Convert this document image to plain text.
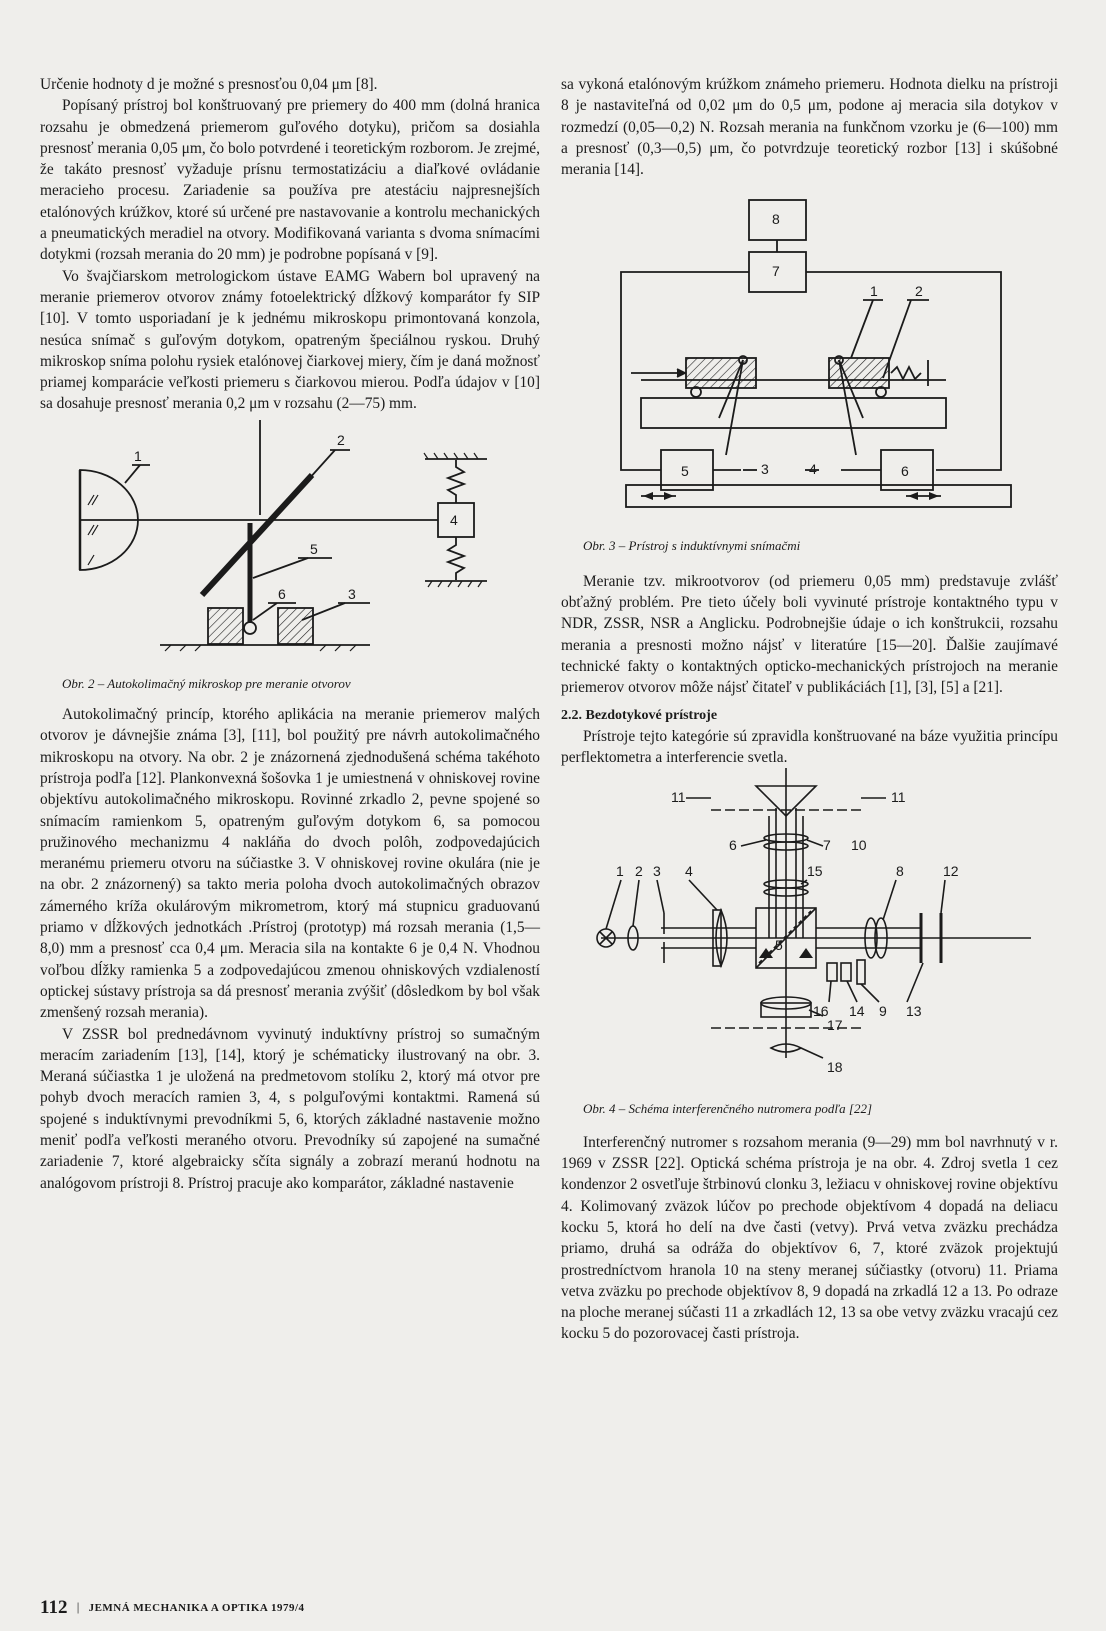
Určenie hodnoty d je možné s presnosťou 0,04 μm [8].

Popísaný prístroj bol konštruovaný pre priemery do 400 mm (dolná hranica rozsahu je obmedzená priemerom guľového dotyku), pričom sa dosiahla presnosť merania 0,05 μm, čo bolo potvrdené i teoretickým rozborom. Je zrejmé, že takáto presnosť vyžaduje prísnu termostatizáciu a diaľkové ovládanie meracieho procesu. Zariadenie sa používa pre atestáciu najpresnejších etalónových krúžkov, ktoré sú určené pre nastavovanie a kontrolu mechanických a pneumatických meradiel na otvory. Modifikovaná varianta s dvoma snímacími dotykmi (rozsah merania do 20 mm) je podrobne popísaná v [9].

Vo švajčiarskom metrologickom ústave EAMG Wabern bol upravený na meranie priemerov otvorov známy fotoelektrický dĺžkový komparátor fy SIP [10]. V tomto usporiadaní je k jednému mikroskopu primontovaná konzola, nesúca snímač s guľovým dotykom, opatreným špeciálnou ryskou. Druhý mikroskop sníma polohu rysiek etalónovej čiarkovej miery, čím je daná možnosť priamej komparácie veľkosti priemeru s čiarkovou mierou. Podľa údajov v [10] sa dosahuje presnosť merania 0,2 μm v rozsahu (2—75) mm.

1
2
3
4
5
6

Obr. 2 – Autokolimačný mikroskop pre meranie otvorov

Autokolimačný princíp, ktorého aplikácia na meranie priemerov malých otvorov je dávnejšie známa [3], [11], bol použitý pre návrh autokolimačného mikroskopu na otvory. Na obr. 2 je znázornená zjednodušená schéma takéhoto prístroja podľa [12]. Plankonvexná šošovka 1 je umiestnená v ohniskovej rovine objektívu autokolimačného mikroskopu. Rovinné zrkadlo 2, pevne spojené so snímacím ramienkom 5, opatreným guľovým dotykom 6, sa pomocou pružinového mechanizmu 4 nakláňa do dvoch polôh, zodpovedajúcich meranému priemeru otvoru na súčiastke 3. V ohniskovej rovine okulára (nie je na obr. 2 znázornený) sa takto meria poloha dvoch autokolimačných obrazov zámerného kríža okulárovým mikrometrom, ktorý má stupnicu graduovanú priamo v dĺžkových jednotkách .Prístroj (prototyp) má rozsah merania (1,5—8,0) mm a presnosť cca 0,4 μm. Meracia sila na kontakte 6 je 0,4 N. Vhodnou voľbou dĺžky ramienka 5 a zodpovedajúcou zmenou ohniskových vzdialeností optickej sústavy prístroja sa dá presnosť merania zvýšiť (dôsledkom by bol však zmenšený rozsah merania).

V ZSSR bol prednedávnom vyvinutý induktívny prístroj so sumačným meracím zariadením [13], [14], ktorý je schématicky ilustrovaný na obr. 3. Meraná súčiastka 1 je uložená na predmetovom stolíku 2, ktorý má otvor pre pohyb dvoch meracích ramien 3, 4, s polguľovými kontaktmi. Ramená sú spojené s induktívnymi prevodníkmi 5, 6, ktorých základné nastavenie možno meniť podľa veľkosti meraného otvoru. Prevodníky sú zapojené na sumačné zariadenie 7, ktoré algebraicky sčíta signály a zobrazí meranú hodnotu na analógovom prístroji 8. Prístroj pracuje ako komparátor, základné nastavenie

sa vykoná etalónovým krúžkom známeho priemeru. Hodnota dielku na prístroji 8 je nastaviteľná od 0,02 μm do 0,5 μm, podone aj meracia sila dotykov v rozmedzí (0,05—0,2) N. Rozsah merania na funkčnom vzorku je (6—100) mm a presnosť (0,3—0,5) μm, čo potvrdzuje teoretický rozbor [13] i skúšobné merania [14].

8
7
1	2
5	3	4	6

Obr. 3 – Prístroj s induktívnymi snímačmi

Meranie tzv. mikrootvorov (od priemeru 0,05 mm) predstavuje zvlášť obťažný problém. Pre tieto účely boli vyvinuté prístroje kontaktného typu v NDR, ZSSR, NSR a Anglicku. Podrobnejšie údaje o ich konštrukcii, rozsahu merania a presnosti možno nájsť v literatúre [15—20]. Ďalšie zaujímavé technické fakty o kontaktných opticko-mechanických prístrojoch na meranie priemerov otvorov môže nájsť čitateľ v publikáciách [1], [3], [5] a [21].

2.2. Bezdotykové prístroje

Prístroje tejto kategórie sú zpravidla konštruované na báze využitia princípu perflektometra a interferencie svetla.

11	11
6	7 10
1 2 3 4	15	8	12
5
16 14 9 13
17
18

Obr. 4 – Schéma interferenčného nutromera podľa [22]

Interferenčný nutromer s rozsahom merania (9—29) mm bol navrhnutý v r. 1969 v ZSSR [22]. Optická schéma prístroja je na obr. 4. Zdroj svetla 1 cez kondenzor 2 osvetľuje štrbinovú clonku 3, ležiacu v ohniskovej rovine objektívu 4. Kolimovaný zväzok lúčov po prechode objektívom 4 dopadá na deliacu kocku 5, ktorá ho delí na dve časti (vetvy). Prvá vetva zväzku prechádza priamo, druhá sa odráža do objektívov 6, 7, ktoré zväzok projektujú prostredníctvom hranola 10 na steny meranej súčiastky (otvoru) 11. Priama vetva zväzku po prechode objektívov 8, 9 dopadá na zrkadlá 12 a 13. Po odraze na ploche meranej súčasti 11 a zrkadlách 12, 13 sa obe vetvy zväzku vracajú cez kocku 5 do pozorovacej časti prístroja.

112 | JEMNÁ MECHANIKA A OPTIKA 1979/4
